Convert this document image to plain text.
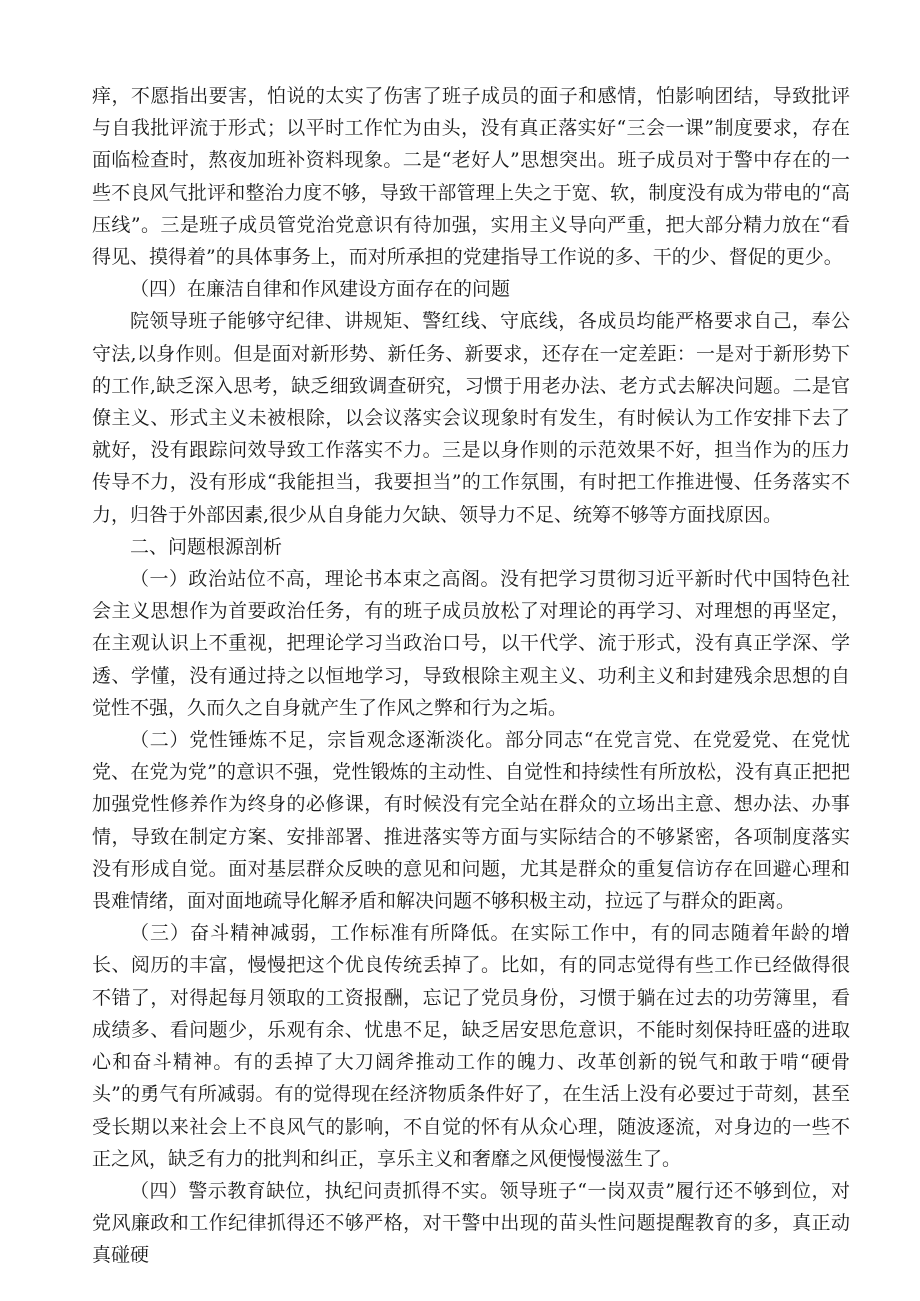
痒，不愿指出要害，怕说的太实了伤害了班子成员的面子和感情，怕影响团结，导致批评与自我批评流于形式；以平时工作忙为由头，没有真正落实好“三会一课”制度要求，存在面临检查时，熬夜加班补资料现象。二是“老好人”思想突出。班子成员对于警中存在的一些不良风气批评和整治力度不够，导致干部管理上失之于宽、软，制度没有成为带电的“高压线”。三是班子成员管党治党意识有待加强，实用主义导向严重，把大部分精力放在“看得见、摸得着”的具体事务上，而对所承担的党建指导工作说的多、干的少、督促的更少。

（四）在廉洁自律和作风建设方面存在的问题

院领导班子能够守纪律、讲规矩、警红线、守底线，各成员均能严格要求自己，奉公守法,以身作则。但是面对新形势、新任务、新要求，还存在一定差距：一是对于新形势下的工作,缺乏深入思考，缺乏细致调查研究，习惯于用老办法、老方式去解决问题。二是官僚主义、形式主义未被根除，以会议落实会议现象时有发生，有时候认为工作安排下去了就好，没有跟踪问效导致工作落实不力。三是以身作则的示范效果不好，担当作为的压力传导不力，没有形成“我能担当，我要担当”的工作氛围，有时把工作推进慢、任务落实不力，归咎于外部因素,很少从自身能力欠缺、领导力不足、统筹不够等方面找原因。

二、问题根源剖析

（一）政治站位不高，理论书本束之高阁。没有把学习贯彻习近平新时代中国特色社会主义思想作为首要政治任务，有的班子成员放松了对理论的再学习、对理想的再坚定，在主观认识上不重视，把理论学习当政治口号，以干代学、流于形式，没有真正学深、学透、学懂，没有通过持之以恒地学习，导致根除主观主义、功利主义和封建残余思想的自觉性不强，久而久之自身就产生了作风之弊和行为之垢。

（二）党性锤炼不足，宗旨观念逐渐淡化。部分同志“在党言党、在党爱党、在党忧党、在党为党”的意识不强，党性锻炼的主动性、自觉性和持续性有所放松，没有真正把把加强党性修养作为终身的必修课，有时候没有完全站在群众的立场出主意、想办法、办事情，导致在制定方案、安排部署、推进落实等方面与实际结合的不够紧密，各项制度落实没有形成自觉。面对基层群众反映的意见和问题，尤其是群众的重复信访存在回避心理和畏难情绪，面对面地疏导化解矛盾和解决问题不够积极主动，拉远了与群众的距离。

（三）奋斗精神减弱，工作标准有所降低。在实际工作中，有的同志随着年龄的增长、阅历的丰富，慢慢把这个优良传统丢掉了。比如，有的同志觉得有些工作已经做得很不错了，对得起每月领取的工资报酬，忘记了党员身份，习惯于躺在过去的功劳簿里，看成绩多、看问题少，乐观有余、忧患不足，缺乏居安思危意识，不能时刻保持旺盛的进取心和奋斗精神。有的丢掉了大刀阔斧推动工作的魄力、改革创新的锐气和敢于啃“硬骨头”的勇气有所减弱。有的觉得现在经济物质条件好了，在生活上没有必要过于苛刻，甚至受长期以来社会上不良风气的影响，不自觉的怀有从众心理，随波逐流，对身边的一些不正之风，缺乏有力的批判和纠正，享乐主义和奢靡之风便慢慢滋生了。

（四）警示教育缺位，执纪问责抓得不实。领导班子“一岗双责”履行还不够到位，对党风廉政和工作纪律抓得还不够严格，对干警中出现的苗头性问题提醒教育的多，真正动真碰硬
